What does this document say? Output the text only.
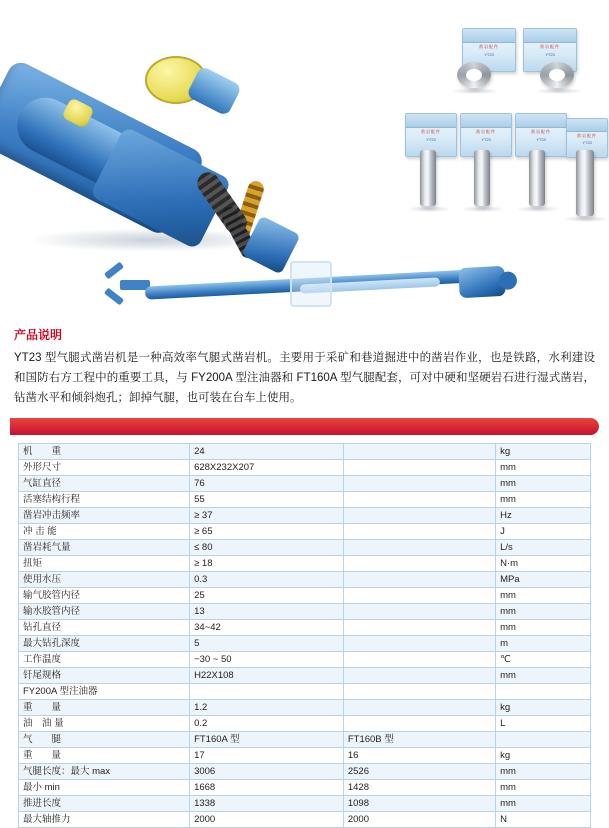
凿岩配件
YT23
凿岩配件
YT23
凿岩配件
YT23
凿岩配件
YT23
凿岩配件
YT23
凿岩配件
YT23
产品说明
YT23 型气腿式凿岩机是一种高效率气腿式凿岩机。主要用于采矿和巷道掘进中的凿岩作业，也是铁路，水利建设和国防右方工程中的重要工具，与 FY200A 型注油器和 FT160A 型气腿配套，可对中硬和坚硬岩石进行湿式凿岩，钻凿水平和倾斜炮孔；卸掉气腿，也可装在台车上使用。
机　　重	24		kg
外形尺寸	628X232X207		mm
气缸直径	76		mm
活塞结构行程	55		mm
凿岩冲击频率	≥ 37		Hz
冲 击 能	≥ 65		J
凿岩耗气量	≤ 80		L/s
扭矩	≥ 18		N·m
使用水压	0.3		MPa
输气胶管内径	25		mm
输水胶管内径	13		mm
钻孔直径	34~42		mm
最大钻孔深度	5		m
工作温度	−30 ~ 50		℃
钎尾规格	H22X108		mm
FY200A 型注油器			
重　　量	1.2		kg
油　油 量	0.2		L
气　　腿	FT160A 型	FT160B 型	
重　　量	17	16	kg
气腿长度：最大 max	3006	2526	mm
最小 min	1668	1428	mm
推进长度	1338	1098	mm
最大轴推力	2000	2000	N
